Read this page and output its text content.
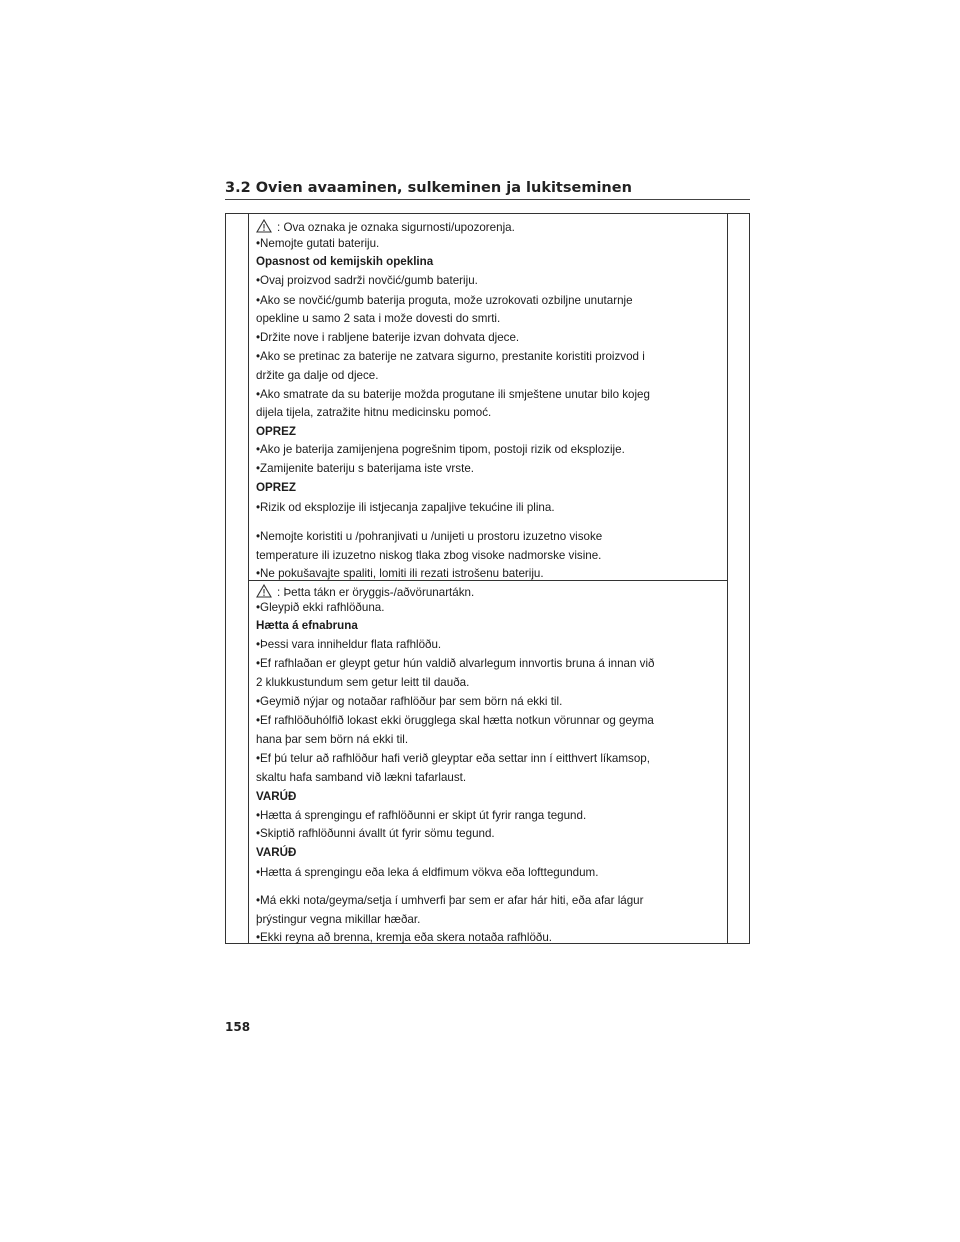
3.2 Ovien avaaminen, sulkeminen ja lukitseminen
: Ova oznaka je oznaka sigurnosti/upozorenja.
•Nemojte gutati bateriju.
Opasnost od kemijskih opeklina
•Ovaj proizvod sadrži novčić/gumb bateriju.
•Ako se novčić/gumb baterija proguta, može uzrokovati ozbiljne unutarnje
opekline u samo 2 sata i može dovesti do smrti.
•Držite nove i rabljene baterije izvan dohvata djece.
•Ako se pretinac za baterije ne zatvara sigurno, prestanite koristiti proizvod i
držite ga dalje od djece.
•Ako smatrate da su baterije možda progutane ili smještene unutar bilo kojeg
dijela tijela, zatražite hitnu medicinsku pomoć.
OPREZ
•Ako je baterija zamijenjena pogrešnim tipom, postoji rizik od eksplozije.
•Zamijenite bateriju s baterijama iste vrste.
OPREZ
•Rizik od eksplozije ili istjecanja zapaljive tekućine ili plina.
•Nemojte koristiti u /pohranjivati u /unijeti u prostoru izuzetno visoke
temperature ili izuzetno niskog tlaka zbog visoke nadmorske visine.
•Ne pokušavajte spaliti, lomiti ili rezati istrošenu bateriju.
: Þetta tákn er öryggis-/aðvörunartákn.
•Gleypið ekki rafhlöðuna.
Hætta á efnabruna
•Þessi vara inniheldur flata rafhlöðu.
•Ef rafhlaðan er gleypt getur hún valdið alvarlegum innvortis bruna á innan við
2 klukkustundum sem getur leitt til dauða.
•Geymið nýjar og notaðar rafhlöður þar sem börn ná ekki til.
•Ef rafhlöðuhólfið lokast ekki örugglega skal hætta notkun vörunnar og geyma
hana þar sem börn ná ekki til.
•Ef þú telur að rafhlöður hafi verið gleyptar eða settar inn í eitthvert líkamsop,
skaltu hafa samband við lækni tafarlaust.
VARÚÐ
•Hætta á sprengingu ef rafhlöðunni er skipt út fyrir ranga tegund.
•Skiptið rafhlöðunni ávallt út fyrir sömu tegund.
VARÚÐ
•Hætta á sprengingu eða leka á eldfimum vökva eða lofttegundum.
•Má ekki nota/geyma/setja í umhverfi þar sem er afar hár hiti, eða afar lágur
þrýstingur vegna mikillar hæðar.
•Ekki reyna að brenna, kremja eða skera notaða rafhlöðu.
158
